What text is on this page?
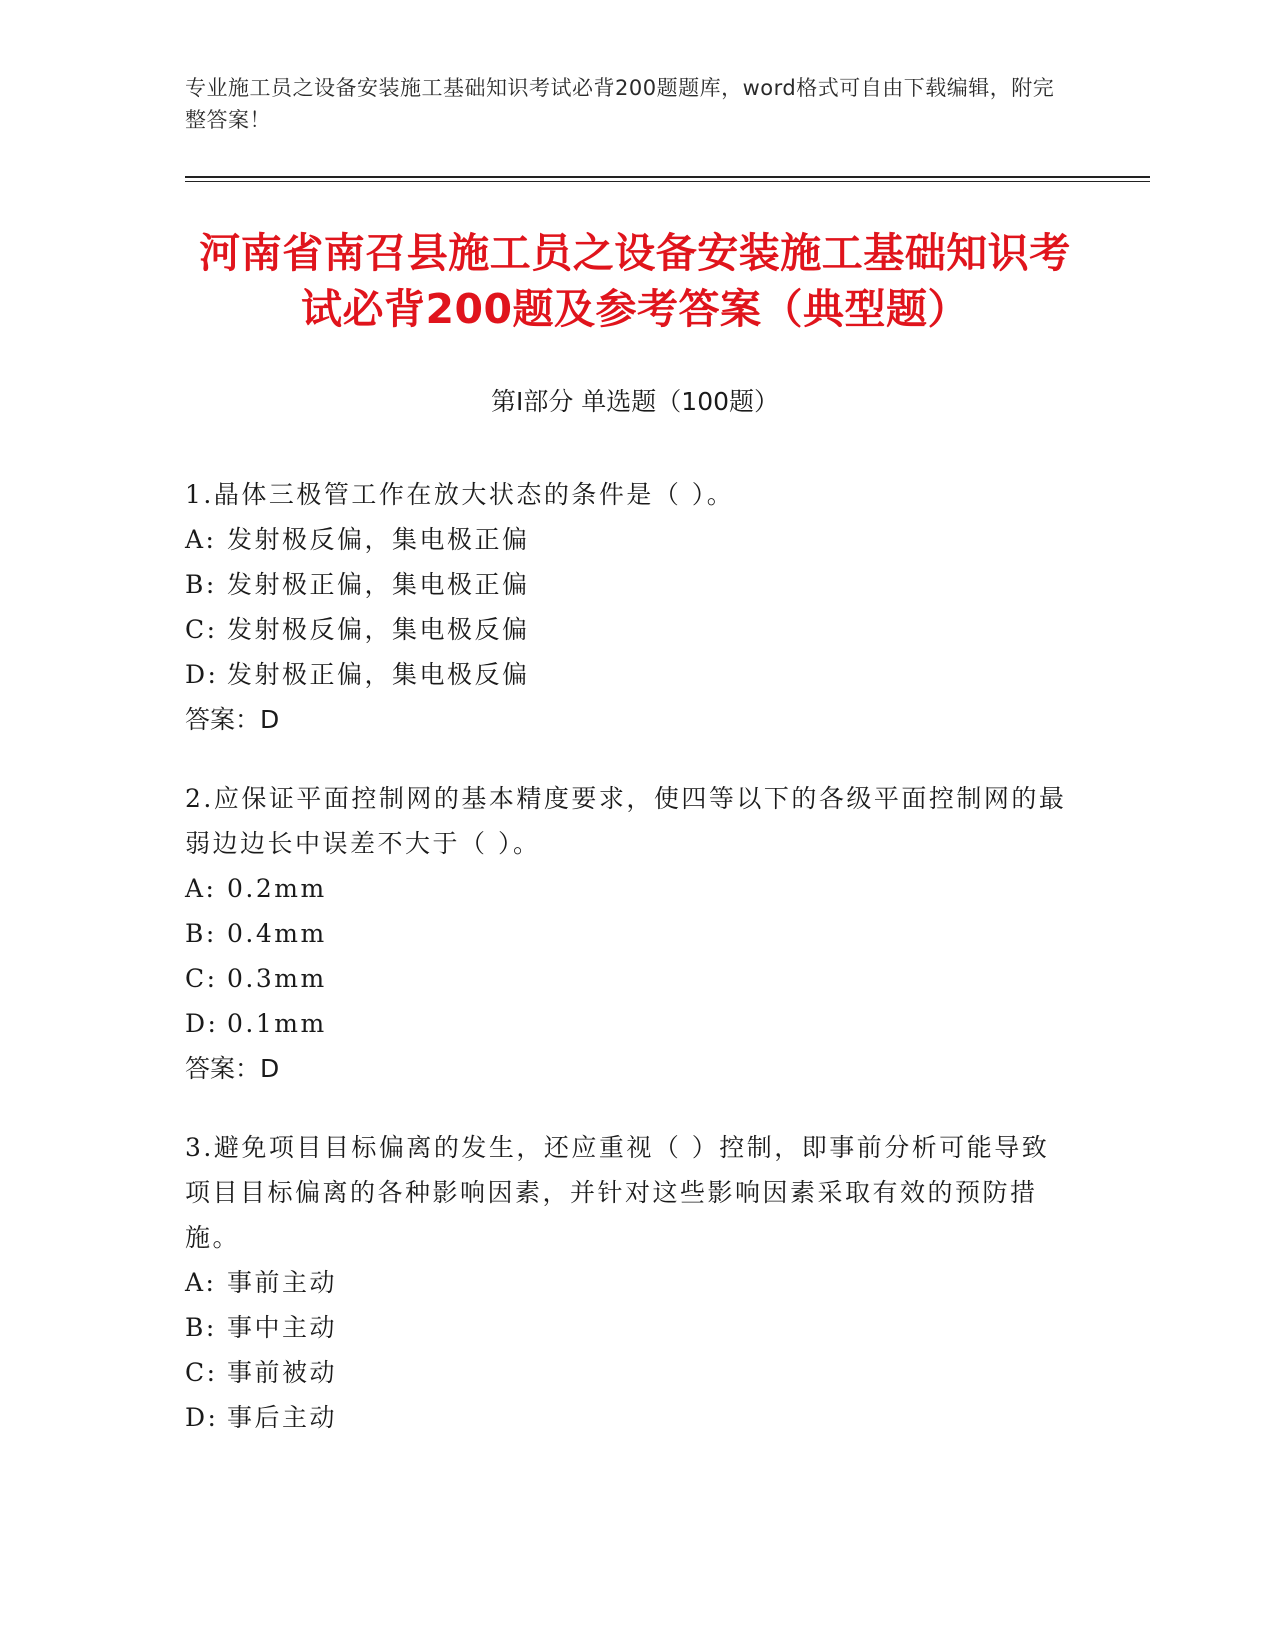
专业施工员之设备安装施工基础知识考试必背200题题库，word格式可自由下载编辑，附完整答案！
河南省南召县施工员之设备安装施工基础知识考试必背200题及参考答案（典型题）
第Ⅰ部分 单选题（100题）
1.晶体三极管工作在放大状态的条件是（ ）。
A: 发射极反偏，集电极正偏
B: 发射极正偏，集电极正偏
C: 发射极反偏，集电极反偏
D: 发射极正偏，集电极反偏
答案：D
2.应保证平面控制网的基本精度要求，使四等以下的各级平面控制网的最弱边边长中误差不大于（ ）。
A: 0.2mm
B: 0.4mm
C: 0.3mm
D: 0.1mm
答案：D
3.避免项目目标偏离的发生，还应重视（ ）控制，即事前分析可能导致项目目标偏离的各种影响因素，并针对这些影响因素采取有效的预防措施。
A: 事前主动
B: 事中主动
C: 事前被动
D: 事后主动
